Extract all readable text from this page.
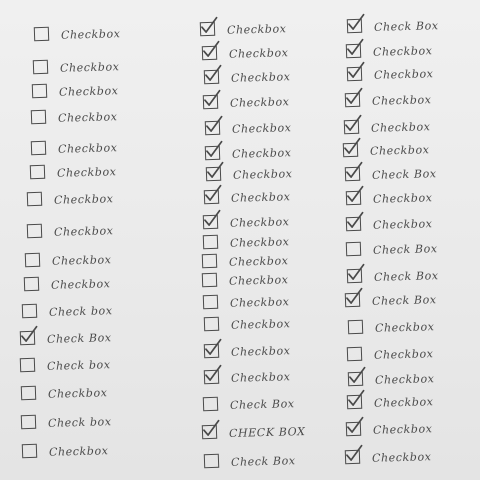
Checkbox
Checkbox
Checkbox
Checkbox
Checkbox
Checkbox
Checkbox
Checkbox
Checkbox
Checkbox
Check box
Check Box
Check box
Checkbox
Check box
Checkbox
Checkbox
Checkbox
Checkbox
Checkbox
Checkbox
Checkbox
Checkbox
Checkbox
Checkbox
Checkbox
Checkbox
Checkbox
Checkbox
Checkbox
Checkbox
Checkbox
Check Box
CHECK BOX
Check Box
Check Box
Checkbox
Checkbox
Checkbox
Checkbox
Checkbox
Check Box
Checkbox
Checkbox
Check Box
Check Box
Check Box
Checkbox
Checkbox
Checkbox
Checkbox
Checkbox
Checkbox
